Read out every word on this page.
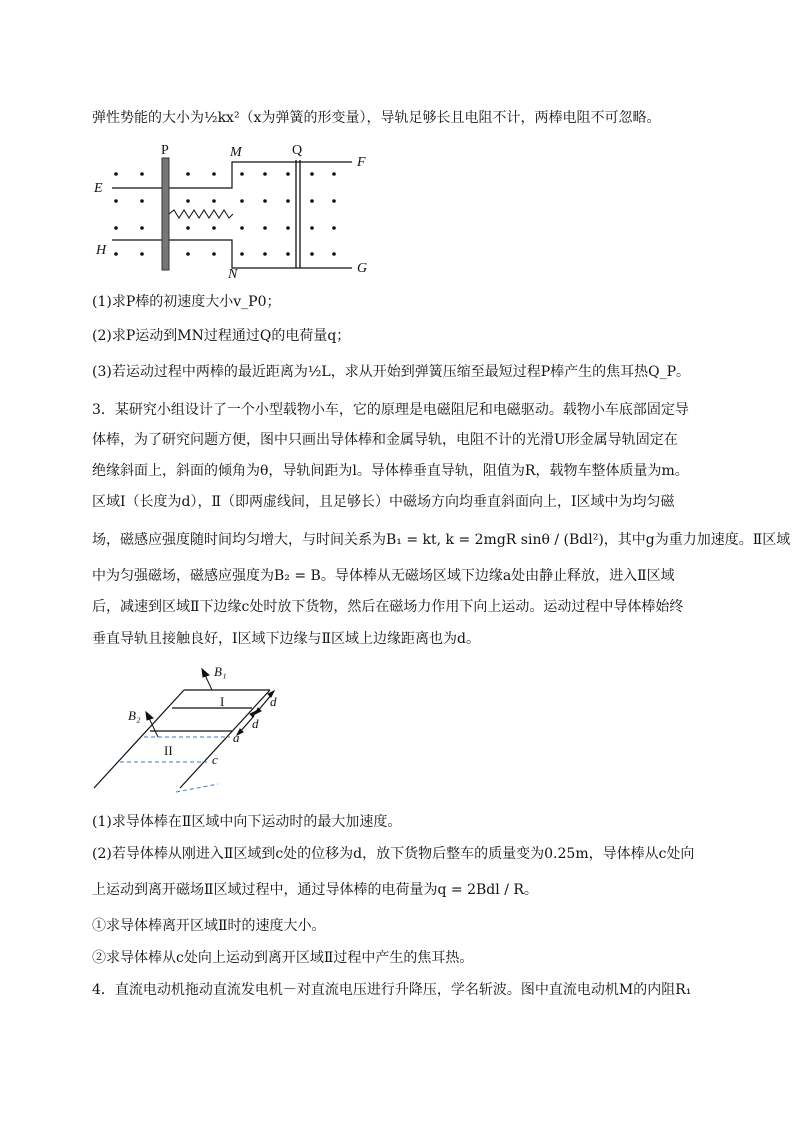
弹性势能的大小为½kx²（x为弹簧的形变量），导轨足够长且电阻不计，两棒电阻不可忽略。
P	M	Q
F
E
H
N	G
(1)求P棒的初速度大小v_P0；
(2)求P运动到MN过程通过Q的电荷量q；
(3)若运动过程中两棒的最近距离为½L，求从开始到弹簧压缩至最短过程P棒产生的焦耳热Q_P。
3．某研究小组设计了一个小型载物小车，它的原理是电磁阻尼和电磁驱动。载物小车底部固定导
体棒，为了研究问题方便，图中只画出导体棒和金属导轨，电阻不计的光滑U形金属导轨固定在
绝缘斜面上，斜面的倾角为θ，导轨间距为l。导体棒垂直导轨，阻值为R，载物车整体质量为m。
区域Ⅰ（长度为d），Ⅱ（即两虚线间，且足够长）中磁场方向均垂直斜面向上，Ⅰ区域中为均匀磁
场，磁感应强度随时间均匀增大，与时间关系为B₁ = kt, k = 2mgR sinθ / (Bdl²)，其中g为重力加速度。Ⅱ区域
中为匀强磁场，磁感应强度为B₂ = B。导体棒从无磁场区域下边缘a处由静止释放，进入Ⅱ区域
后，减速到区域Ⅱ下边缘c处时放下货物，然后在磁场力作用下向上运动。运动过程中导体棒始终
垂直导轨且接触良好，Ⅰ区域下边缘与Ⅱ区域上边缘距离也为d。
B₁
B₂
I
II
d
d
a
c
(1)求导体棒在Ⅱ区域中向下运动时的最大加速度。
(2)若导体棒从刚进入Ⅱ区域到c处的位移为d，放下货物后整车的质量变为0.25m，导体棒从c处向
上运动到离开磁场Ⅱ区域过程中，通过导体棒的电荷量为q = 2Bdl / R。
①求导体棒离开区域Ⅱ时的速度大小。
②求导体棒从c处向上运动到离开区域Ⅱ过程中产生的焦耳热。
4．直流电动机拖动直流发电机－对直流电压进行升降压，学名斩波。图中直流电动机M的内阻R₁
